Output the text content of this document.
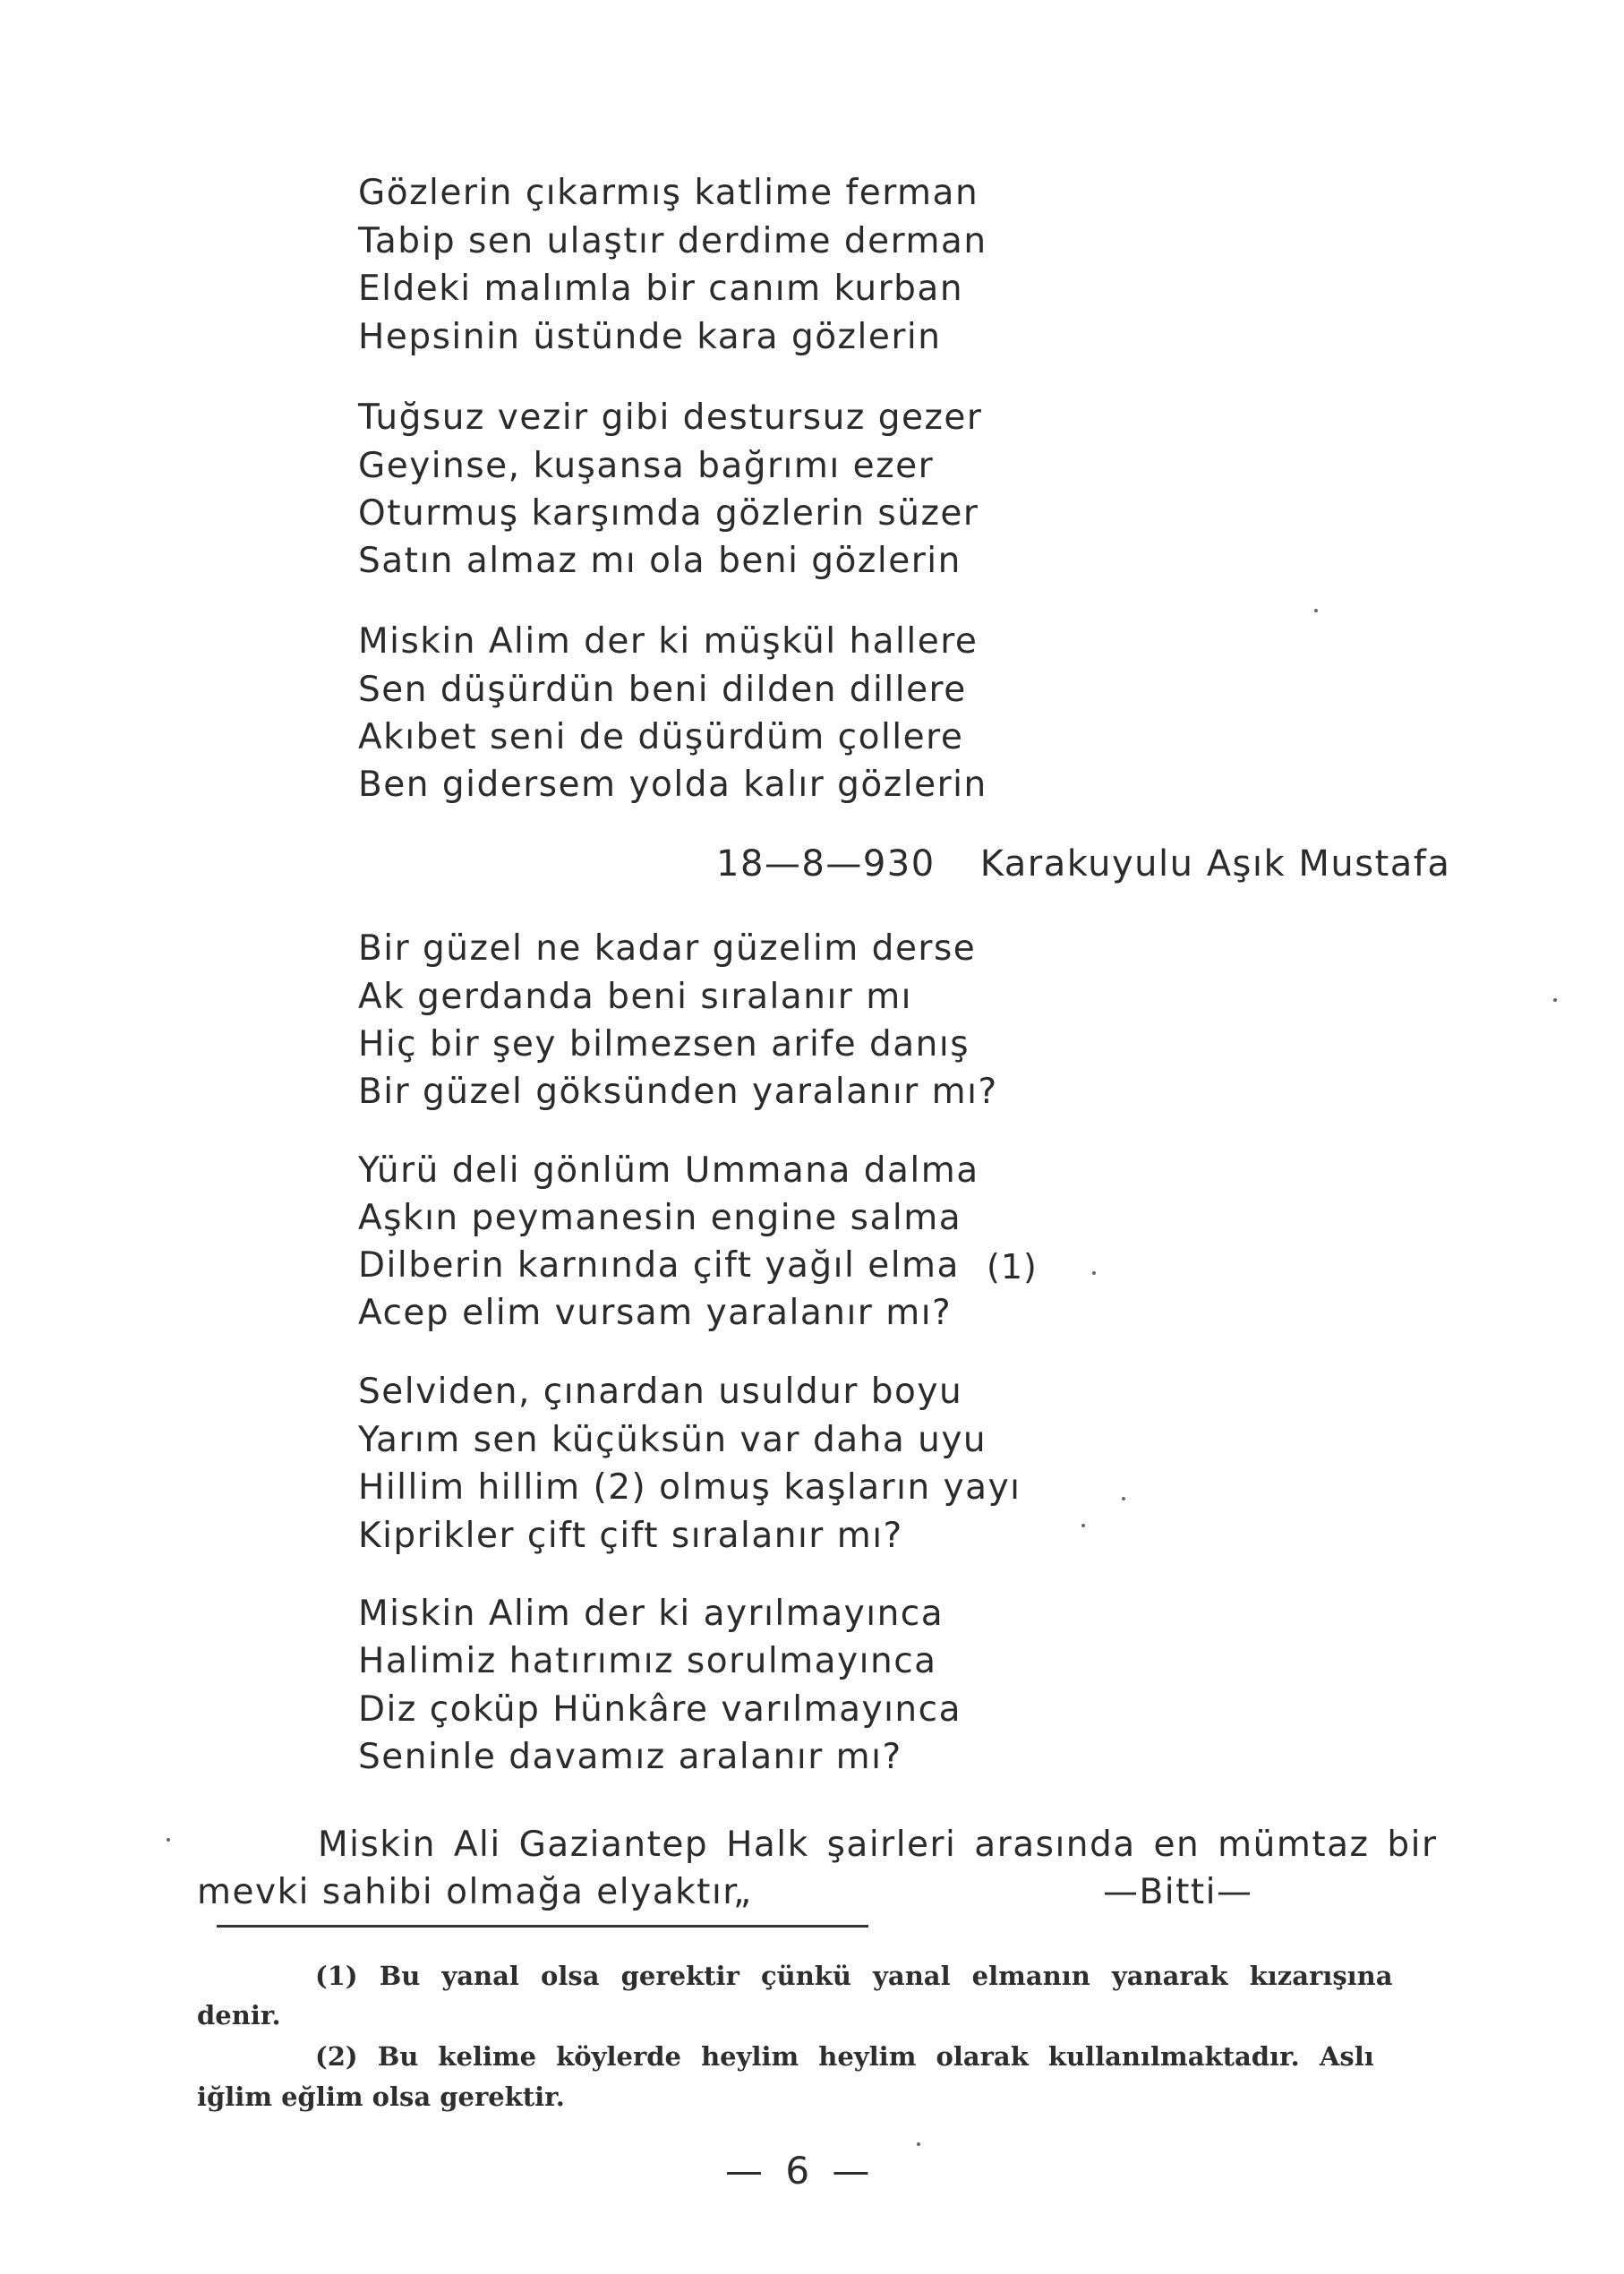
Gözlerin çıkarmış katlime ferman
Tabip sen ulaştır derdime derman
Eldeki malımla bir canım kurban
Hepsinin üstünde kara gözlerin
Tuğsuz vezir gibi destursuz gezer
Geyinse, kuşansa bağrımı ezer
Oturmuş karşımda gözlerin süzer
Satın almaz mı ola beni gözlerin
Miskin Alim der ki müşkül hallere
Sen düşürdün beni dilden dillere
Akıbet seni de düşürdüm çollere
Ben gidersem yolda kalır gözlerin
18—8—930 Karakuyulu Aşık Mustafa
Bir güzel ne kadar güzelim derse
Ak gerdanda beni sıralanır mı
Hiç bir şey bilmezsen arife danış
Bir güzel göksünden yaralanır mı?
Yürü deli gönlüm Ummana dalma
Aşkın peymanesin engine salma
Dilberin karnında çift yağıl elma
Acep elim vursam yaralanır mı?
(1)
Selviden, çınardan usuldur boyu
Yarım sen küçüksün var daha uyu
Hillim hillim (2) olmuş kaşların yayı
Kiprikler çift çift sıralanır mı?
Miskin Alim der ki ayrılmayınca
Halimiz hatırımız sorulmayınca
Diz çoküp Hünkâre varılmayınca
Seninle davamız aralanır mı?
Miskin Ali Gaziantep Halk şairleri arasında en mümtaz bir
mevki sahibi olmağa elyaktır„	—Bitti—
(1) Bu yanal olsa gerektir çünkü yanal elmanın yanarak kızarışına
denir.
(2) Bu kelime köylerde heylim heylim olarak kullanılmaktadır. Aslı
iğlim eğlim olsa gerektir.
— 6 —
